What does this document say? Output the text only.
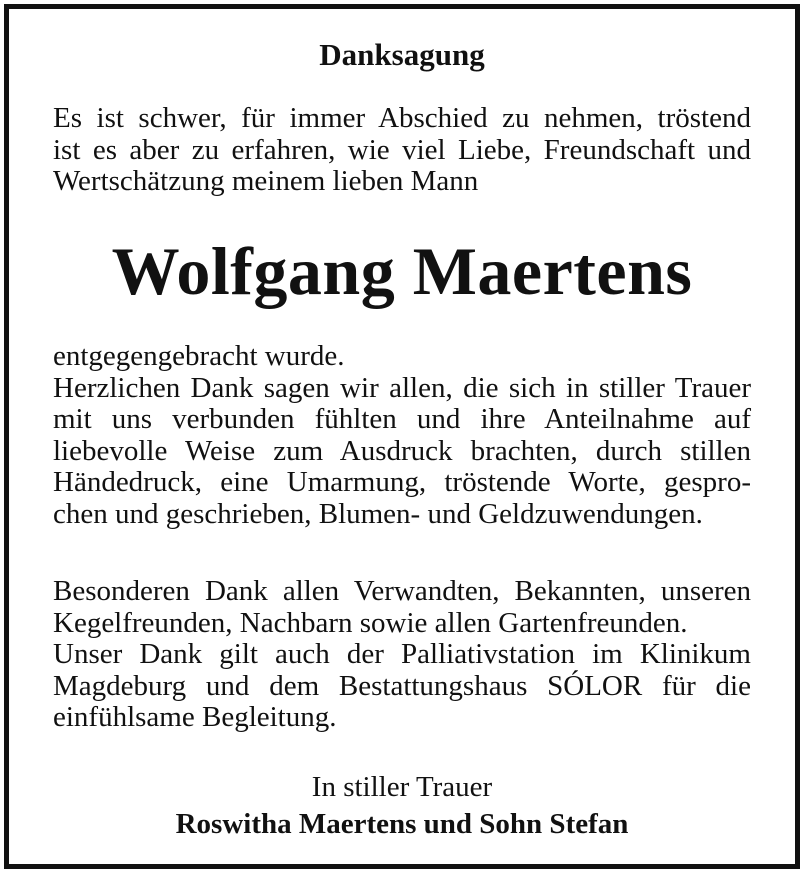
Danksagung
Es ist schwer, für immer Abschied zu nehmen, tröstend
ist es aber zu erfahren, wie viel Liebe, Freundschaft und
Wertschätzung meinem lieben Mann
Wolfgang Maertens
entgegengebracht wurde.
Herzlichen Dank sagen wir allen, die sich in stiller Trauer
mit uns verbunden fühlten und ihre Anteilnahme auf
liebevolle Weise zum Ausdruck brachten, durch stillen
Händedruck, eine Umarmung, tröstende Worte, gespro-
chen und geschrieben, Blumen- und Geldzuwendungen.
Besonderen Dank allen Verwandten, Bekannten, unseren
Kegelfreunden, Nachbarn sowie allen Gartenfreunden.
Unser Dank gilt auch der Palliativstation im Klinikum
Magdeburg und dem Bestattungshaus SÓLOR für die
einfühlsame Begleitung.
In stiller Trauer
Roswitha Maertens und Sohn Stefan
